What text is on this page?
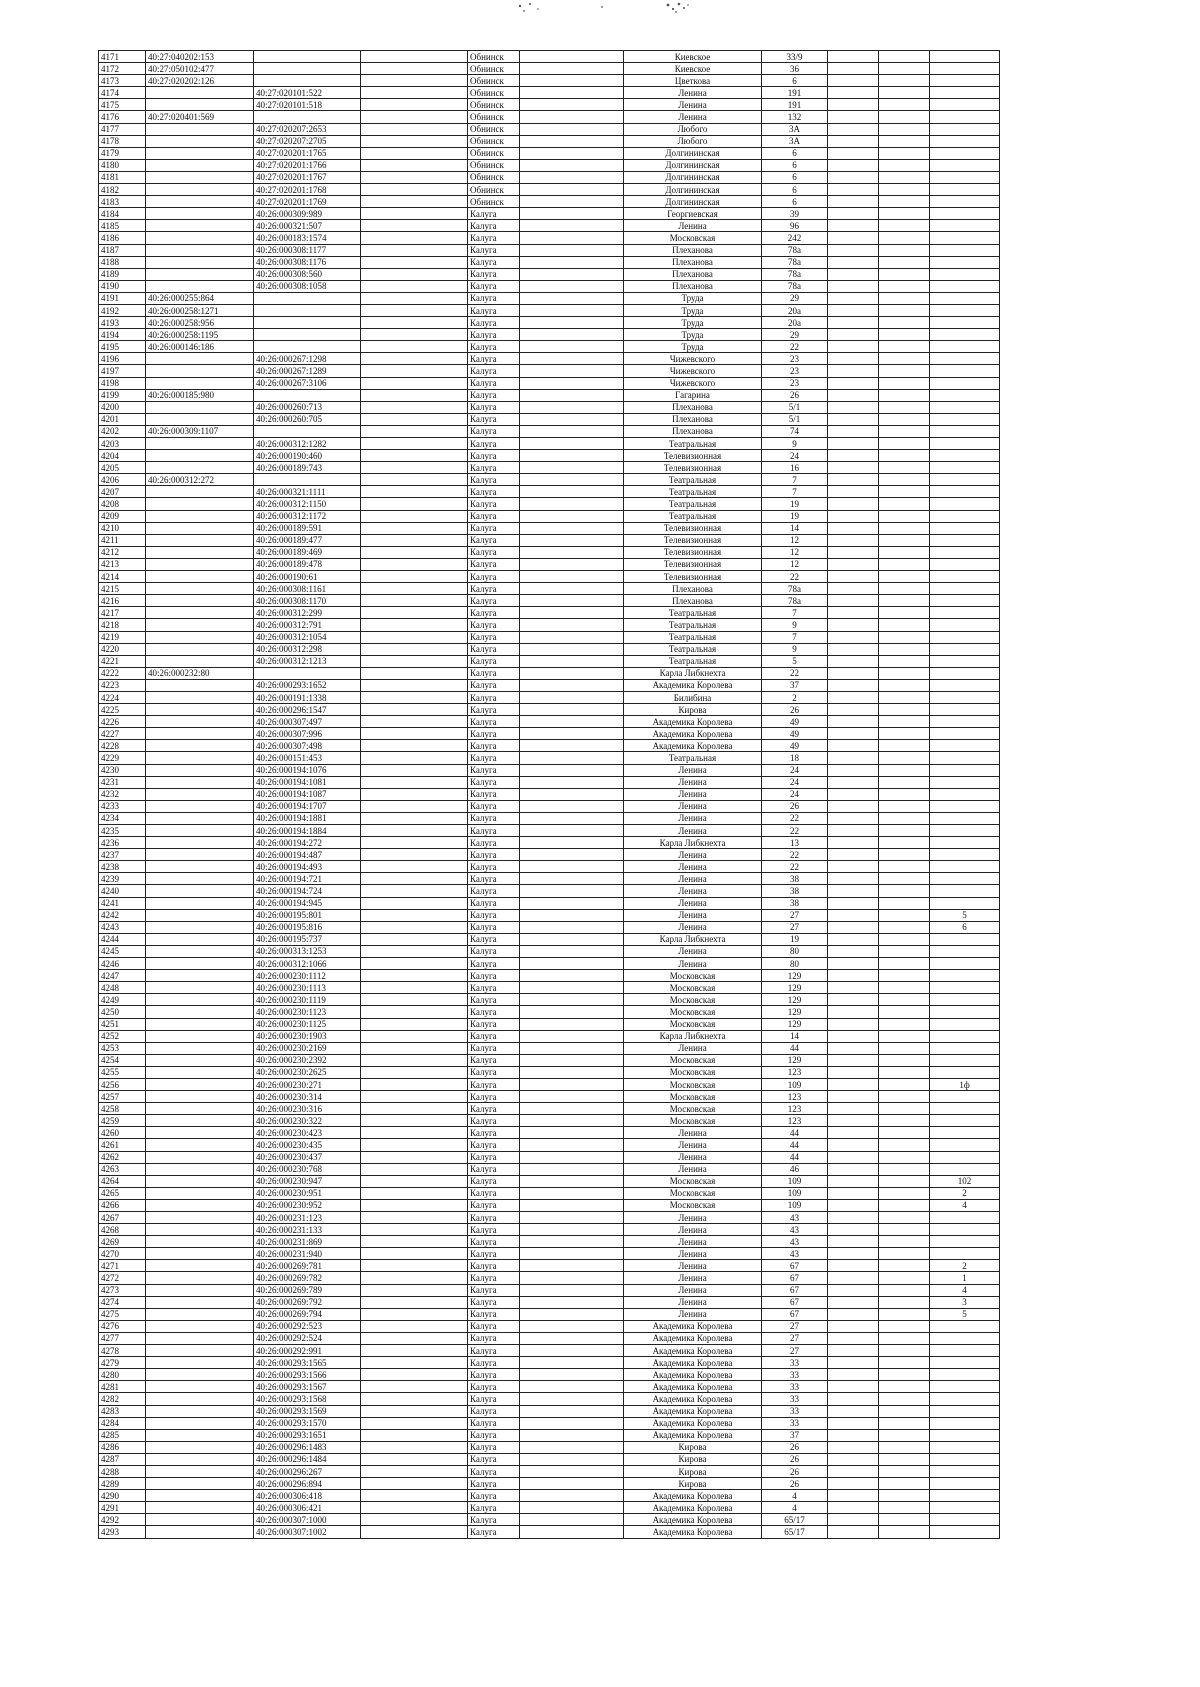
4171	40:27:040202:153			Обнинск		Киевское	33/9			
4172	40:27:050102:477			Обнинск		Киевское	36			
4173	40:27:020202:126			Обнинск		Цветкова	6			
4174		40:27:020101:522		Обнинск		Ленина	191			
4175		40:27:020101:518		Обнинск		Ленина	191			
4176	40:27:020401:569			Обнинск		Ленина	132			
4177		40:27:020207:2653		Обнинск		Любого	3А			
4178		40:27:020207:2705		Обнинск		Любого	3А			
4179		40:27:020201:1765		Обнинск		Долгининская	6			
4180		40:27:020201:1766		Обнинск		Долгининская	6			
4181		40:27:020201:1767		Обнинск		Долгининская	6			
4182		40:27:020201:1768		Обнинск		Долгининская	6			
4183		40:27:020201:1769		Обнинск		Долгининская	6			
4184		40:26:000309:989		Калуга		Георгиевская	39			
4185		40:26:000321:507		Калуга		Ленина	96			
4186		40:26:000183:1574		Калуга		Московская	242			
4187		40:26:000308:1177		Калуга		Плеханова	78а			
4188		40:26:000308:1176		Калуга		Плеханова	78а			
4189		40:26:000308:560		Калуга		Плеханова	78а			
4190		40:26:000308:1058		Калуга		Плеханова	78а			
4191	40:26:000255:864			Калуга		Труда	29			
4192	40:26:000258:1271			Калуга		Труда	20а			
4193	40:26:000258:956			Калуга		Труда	20а			
4194	40:26:000258:1195			Калуга		Труда	29			
4195	40:26:000146:186			Калуга		Труда	22			
4196		40:26:000267:1298		Калуга		Чижевского	23			
4197		40:26:000267:1289		Калуга		Чижевского	23			
4198		40:26:000267:3106		Калуга		Чижевского	23			
4199	40:26:000185:980			Калуга		Гагарина	26			
4200		40:26:000260:713		Калуга		Плеханова	5/1			
4201		40:26:000260:705		Калуга		Плеханова	5/1			
4202	40:26:000309:1107			Калуга		Плеханова	74			
4203		40:26:000312:1282		Калуга		Театральная	9			
4204		40:26:000190:460		Калуга		Телевизионная	24			
4205		40:26:000189:743		Калуга		Телевизионная	16			
4206	40:26:000312:272			Калуга		Театральная	7			
4207		40:26:000321:1111		Калуга		Театральная	7			
4208		40:26:000312:1150		Калуга		Театральная	19			
4209		40:26:000312:1172		Калуга		Театральная	19			
4210		40:26:000189:591		Калуга		Телевизионная	14			
4211		40:26:000189:477		Калуга		Телевизионная	12			
4212		40:26:000189:469		Калуга		Телевизионная	12			
4213		40:26:000189:478		Калуга		Телевизионная	12			
4214		40:26:000190:61		Калуга		Телевизионная	22			
4215		40:26:000308:1161		Калуга		Плеханова	78а			
4216		40:26:000308:1170		Калуга		Плеханова	78а			
4217		40:26:000312:299		Калуга		Театральная	7			
4218		40:26:000312:791		Калуга		Театральная	9			
4219		40:26:000312:1054		Калуга		Театральная	7			
4220		40:26:000312:298		Калуга		Театральная	9			
4221		40:26:000312:1213		Калуга		Театральная	5			
4222	40:26:000232:80			Калуга		Карла Либкнехта	22			
4223		40:26:000293:1652		Калуга		Академика Королева	37			
4224		40:26:000191:1338		Калуга		Билибина	2			
4225		40:26:000296:1547		Калуга		Кирова	26			
4226		40:26:000307:497		Калуга		Академика Королева	49			
4227		40:26:000307:996		Калуга		Академика Королева	49			
4228		40:26:000307:498		Калуга		Академика Королева	49			
4229		40:26:000151:453		Калуга		Театральная	18			
4230		40:26:000194:1076		Калуга		Ленина	24			
4231		40:26:000194:1081		Калуга		Ленина	24			
4232		40:26:000194:1087		Калуга		Ленина	24			
4233		40:26:000194:1707		Калуга		Ленина	26			
4234		40:26:000194:1881		Калуга		Ленина	22			
4235		40:26:000194:1884		Калуга		Ленина	22			
4236		40:26:000194:272		Калуга		Карла Либкнехта	13			
4237		40:26:000194:487		Калуга		Ленина	22			
4238		40:26:000194:493		Калуга		Ленина	22			
4239		40:26:000194:721		Калуга		Ленина	38			
4240		40:26:000194:724		Калуга		Ленина	38			
4241		40:26:000194:945		Калуга		Ленина	38			
4242		40:26:000195:801		Калуга		Ленина	27			5
4243		40:26:000195:816		Калуга		Ленина	27			6
4244		40:26:000195:737		Калуга		Карла Либкнехта	19			
4245		40:26:000313:1253		Калуга		Ленина	80			
4246		40:26:000312:1066		Калуга		Ленина	80			
4247		40:26:000230:1112		Калуга		Московская	129			
4248		40:26:000230:1113		Калуга		Московская	129			
4249		40:26:000230:1119		Калуга		Московская	129			
4250		40:26:000230:1123		Калуга		Московская	129			
4251		40:26:000230:1125		Калуга		Московская	129			
4252		40:26:000230:1903		Калуга		Карла Либкнехта	14			
4253		40:26:000230:2169		Калуга		Ленина	44			
4254		40:26:000230:2392		Калуга		Московская	129			
4255		40:26:000230:2625		Калуга		Московская	123			
4256		40:26:000230:271		Калуга		Московская	109			1ф
4257		40:26:000230:314		Калуга		Московская	123			
4258		40:26:000230:316		Калуга		Московская	123			
4259		40:26:000230:322		Калуга		Московская	123			
4260		40:26:000230:423		Калуга		Ленина	44			
4261		40:26:000230:435		Калуга		Ленина	44			
4262		40:26:000230:437		Калуга		Ленина	44			
4263		40:26:000230:768		Калуга		Ленина	46			
4264		40:26:000230:947		Калуга		Московская	109			102
4265		40:26:000230:951		Калуга		Московская	109			2
4266		40:26:000230:952		Калуга		Московская	109			4
4267		40:26:000231:123		Калуга		Ленина	43			
4268		40:26:000231:133		Калуга		Ленина	43			
4269		40:26:000231:869		Калуга		Ленина	43			
4270		40:26:000231:940		Калуга		Ленина	43			
4271		40:26:000269:781		Калуга		Ленина	67			2
4272		40:26:000269:782		Калуга		Ленина	67			1
4273		40:26:000269:789		Калуга		Ленина	67			4
4274		40:26:000269:792		Калуга		Ленина	67			3
4275		40:26:000269:794		Калуга		Ленина	67			5
4276		40:26:000292:523		Калуга		Академика Королева	27			
4277		40:26:000292:524		Калуга		Академика Королева	27			
4278		40:26:000292:991		Калуга		Академика Королева	27			
4279		40:26:000293:1565		Калуга		Академика Королева	33			
4280		40:26:000293:1566		Калуга		Академика Королева	33			
4281		40:26:000293:1567		Калуга		Академика Королева	33			
4282		40:26:000293:1568		Калуга		Академика Королева	33			
4283		40:26:000293:1569		Калуга		Академика Королева	33			
4284		40:26:000293:1570		Калуга		Академика Королева	33			
4285		40:26:000293:1651		Калуга		Академика Королева	37			
4286		40:26:000296:1483		Калуга		Кирова	26			
4287		40:26:000296:1484		Калуга		Кирова	26			
4288		40:26:000296:267		Калуга		Кирова	26			
4289		40:26:000296:894		Калуга		Кирова	26			
4290		40:26:000306:418		Калуга		Академика Королева	4			
4291		40:26:000306:421		Калуга		Академика Королева	4			
4292		40:26:000307:1000		Калуга		Академика Королева	65/17			
4293		40:26:000307:1002		Калуга		Академика Королева	65/17			
